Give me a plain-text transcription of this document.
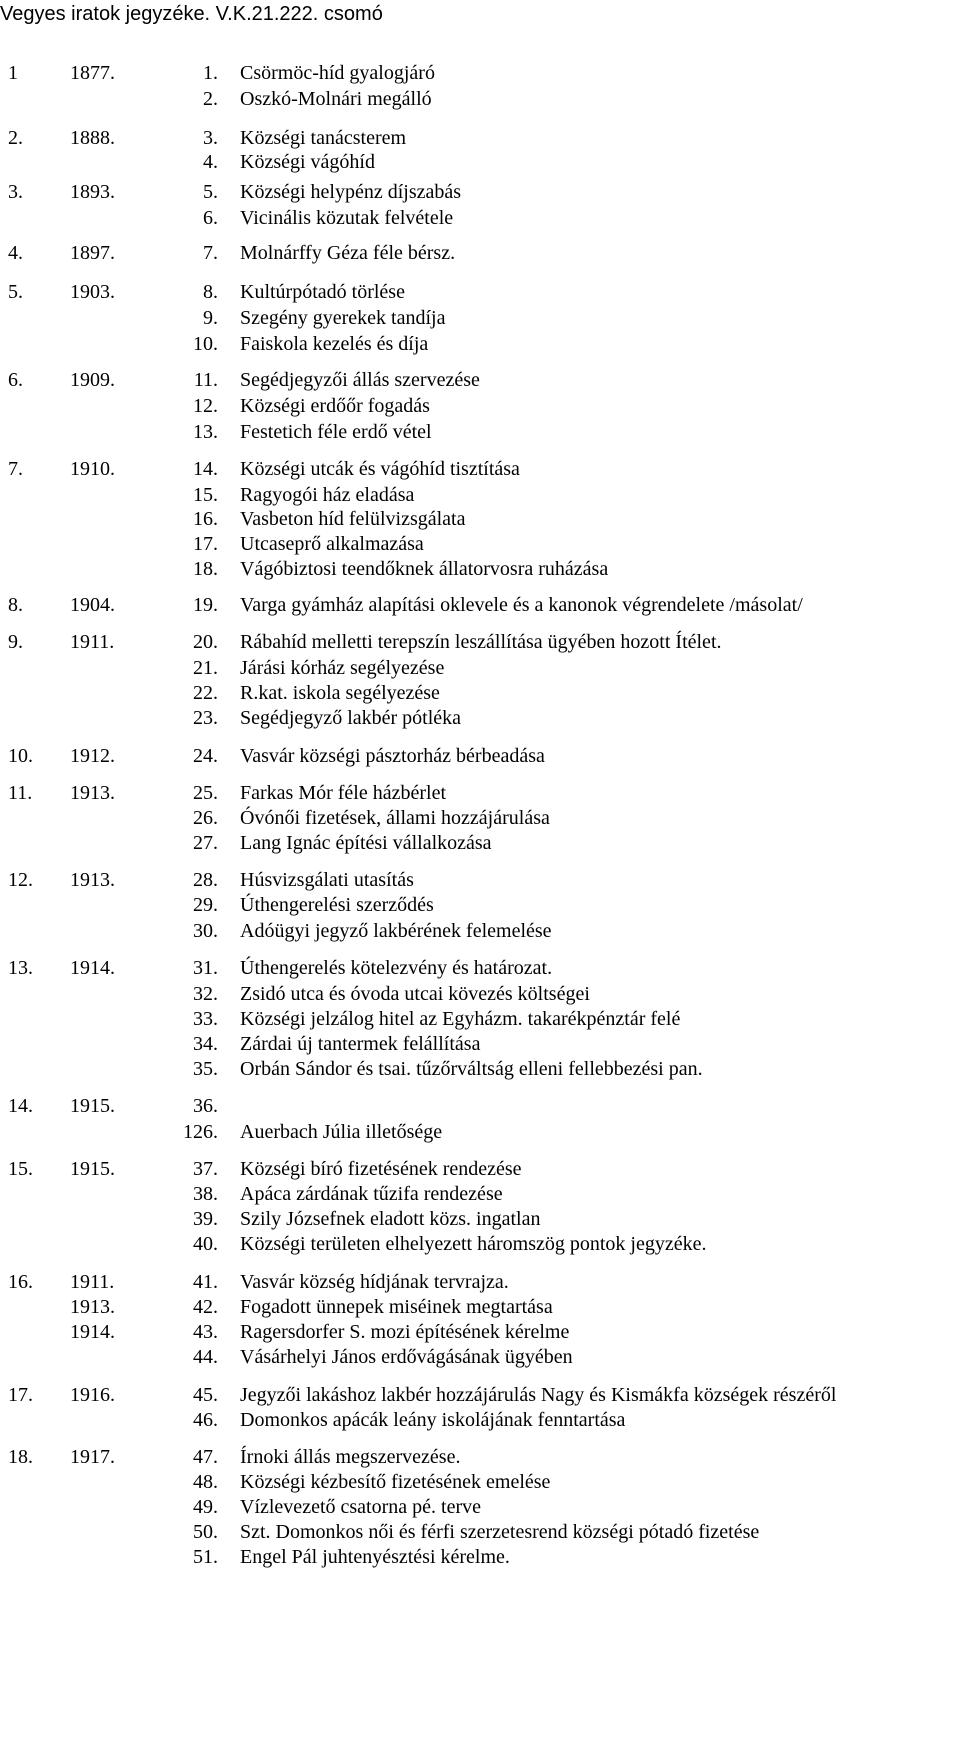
Vegyes iratok jegyzéke. V.K.21.222. csomó
1	1877.	1. Csörmöc-híd gyalogjáró
2. Oszkó-Molnári megálló
2. 1888.	3. Községi tanácsterem
4. Községi vágóhíd
3. 1893.	5. Községi helypénz díjszabás
6. Vicinális közutak felvétele
4. 1897.	7. Molnárffy Géza féle bérsz.
5. 1903.	8. Kultúrpótadó törlése
9. Szegény gyerekek tandíja
10. Faiskola kezelés és díja
6. 1909.	11. Segédjegyzői állás szervezése
12. Községi erdőőr fogadás
13. Festetich féle erdő vétel
7. 1910.	14. Községi utcák és vágóhíd tisztítása
15. Ragyogói ház eladása
16. Vasbeton híd felülvizsgálata
17. Utcaseprő alkalmazása
18. Vágóbiztosi teendőknek állatorvosra ruházása
8. 1904.	19. Varga gyámház alapítási oklevele és a kanonok végrendelete /másolat/
9. 1911.	20. Rábahíd melletti terepszín leszállítása ügyében hozott Ítélet.
21. Járási kórház segélyezése
22. R.kat. iskola segélyezése
23. Segédjegyző lakbér pótléka
10. 1912.	24. Vasvár községi pásztorház bérbeadása
11. 1913.	25. Farkas Mór féle házbérlet
26. Óvónői fizetések, állami hozzájárulása
27. Lang Ignác építési vállalkozása
12. 1913.	28. Húsvizsgálati utasítás
29. Úthengerelési szerződés
30. Adóügyi jegyző lakbérének felemelése
13. 1914.	31. Úthengerelés kötelezvény és határozat.
32. Zsidó utca és óvoda utcai kövezés költségei
33. Községi jelzálog hitel az Egyházm. takarékpénztár felé
34. Zárdai új tantermek felállítása
35. Orbán Sándor és tsai. tűzőrváltság elleni fellebbezési pan.
14. 1915.	36.
126. Auerbach Júlia illetősége
15. 1915.	37. Községi bíró fizetésének rendezése
38. Apáca zárdának tűzifa rendezése
39. Szily Józsefnek eladott közs. ingatlan
40. Községi területen elhelyezett háromszög pontok jegyzéke.
16. 1911.	41. Vasvár község hídjának tervrajza.
1913.	42. Fogadott ünnepek miséinek megtartása
1914.	43. Ragersdorfer S. mozi építésének kérelme
44. Vásárhelyi János erdővágásának ügyében
17. 1916.	45. Jegyzői lakáshoz lakbér hozzájárulás Nagy és Kismákfa községek részéről
46. Domonkos apácák leány iskolájának fenntartása
18. 1917.	47. Írnoki állás megszervezése.
48. Községi kézbesítő fizetésének emelése
49. Vízlevezető csatorna pé. terve
50. Szt. Domonkos női és férfi szerzetesrend községi pótadó fizetése
51. Engel Pál juhtenyésztési kérelme.
